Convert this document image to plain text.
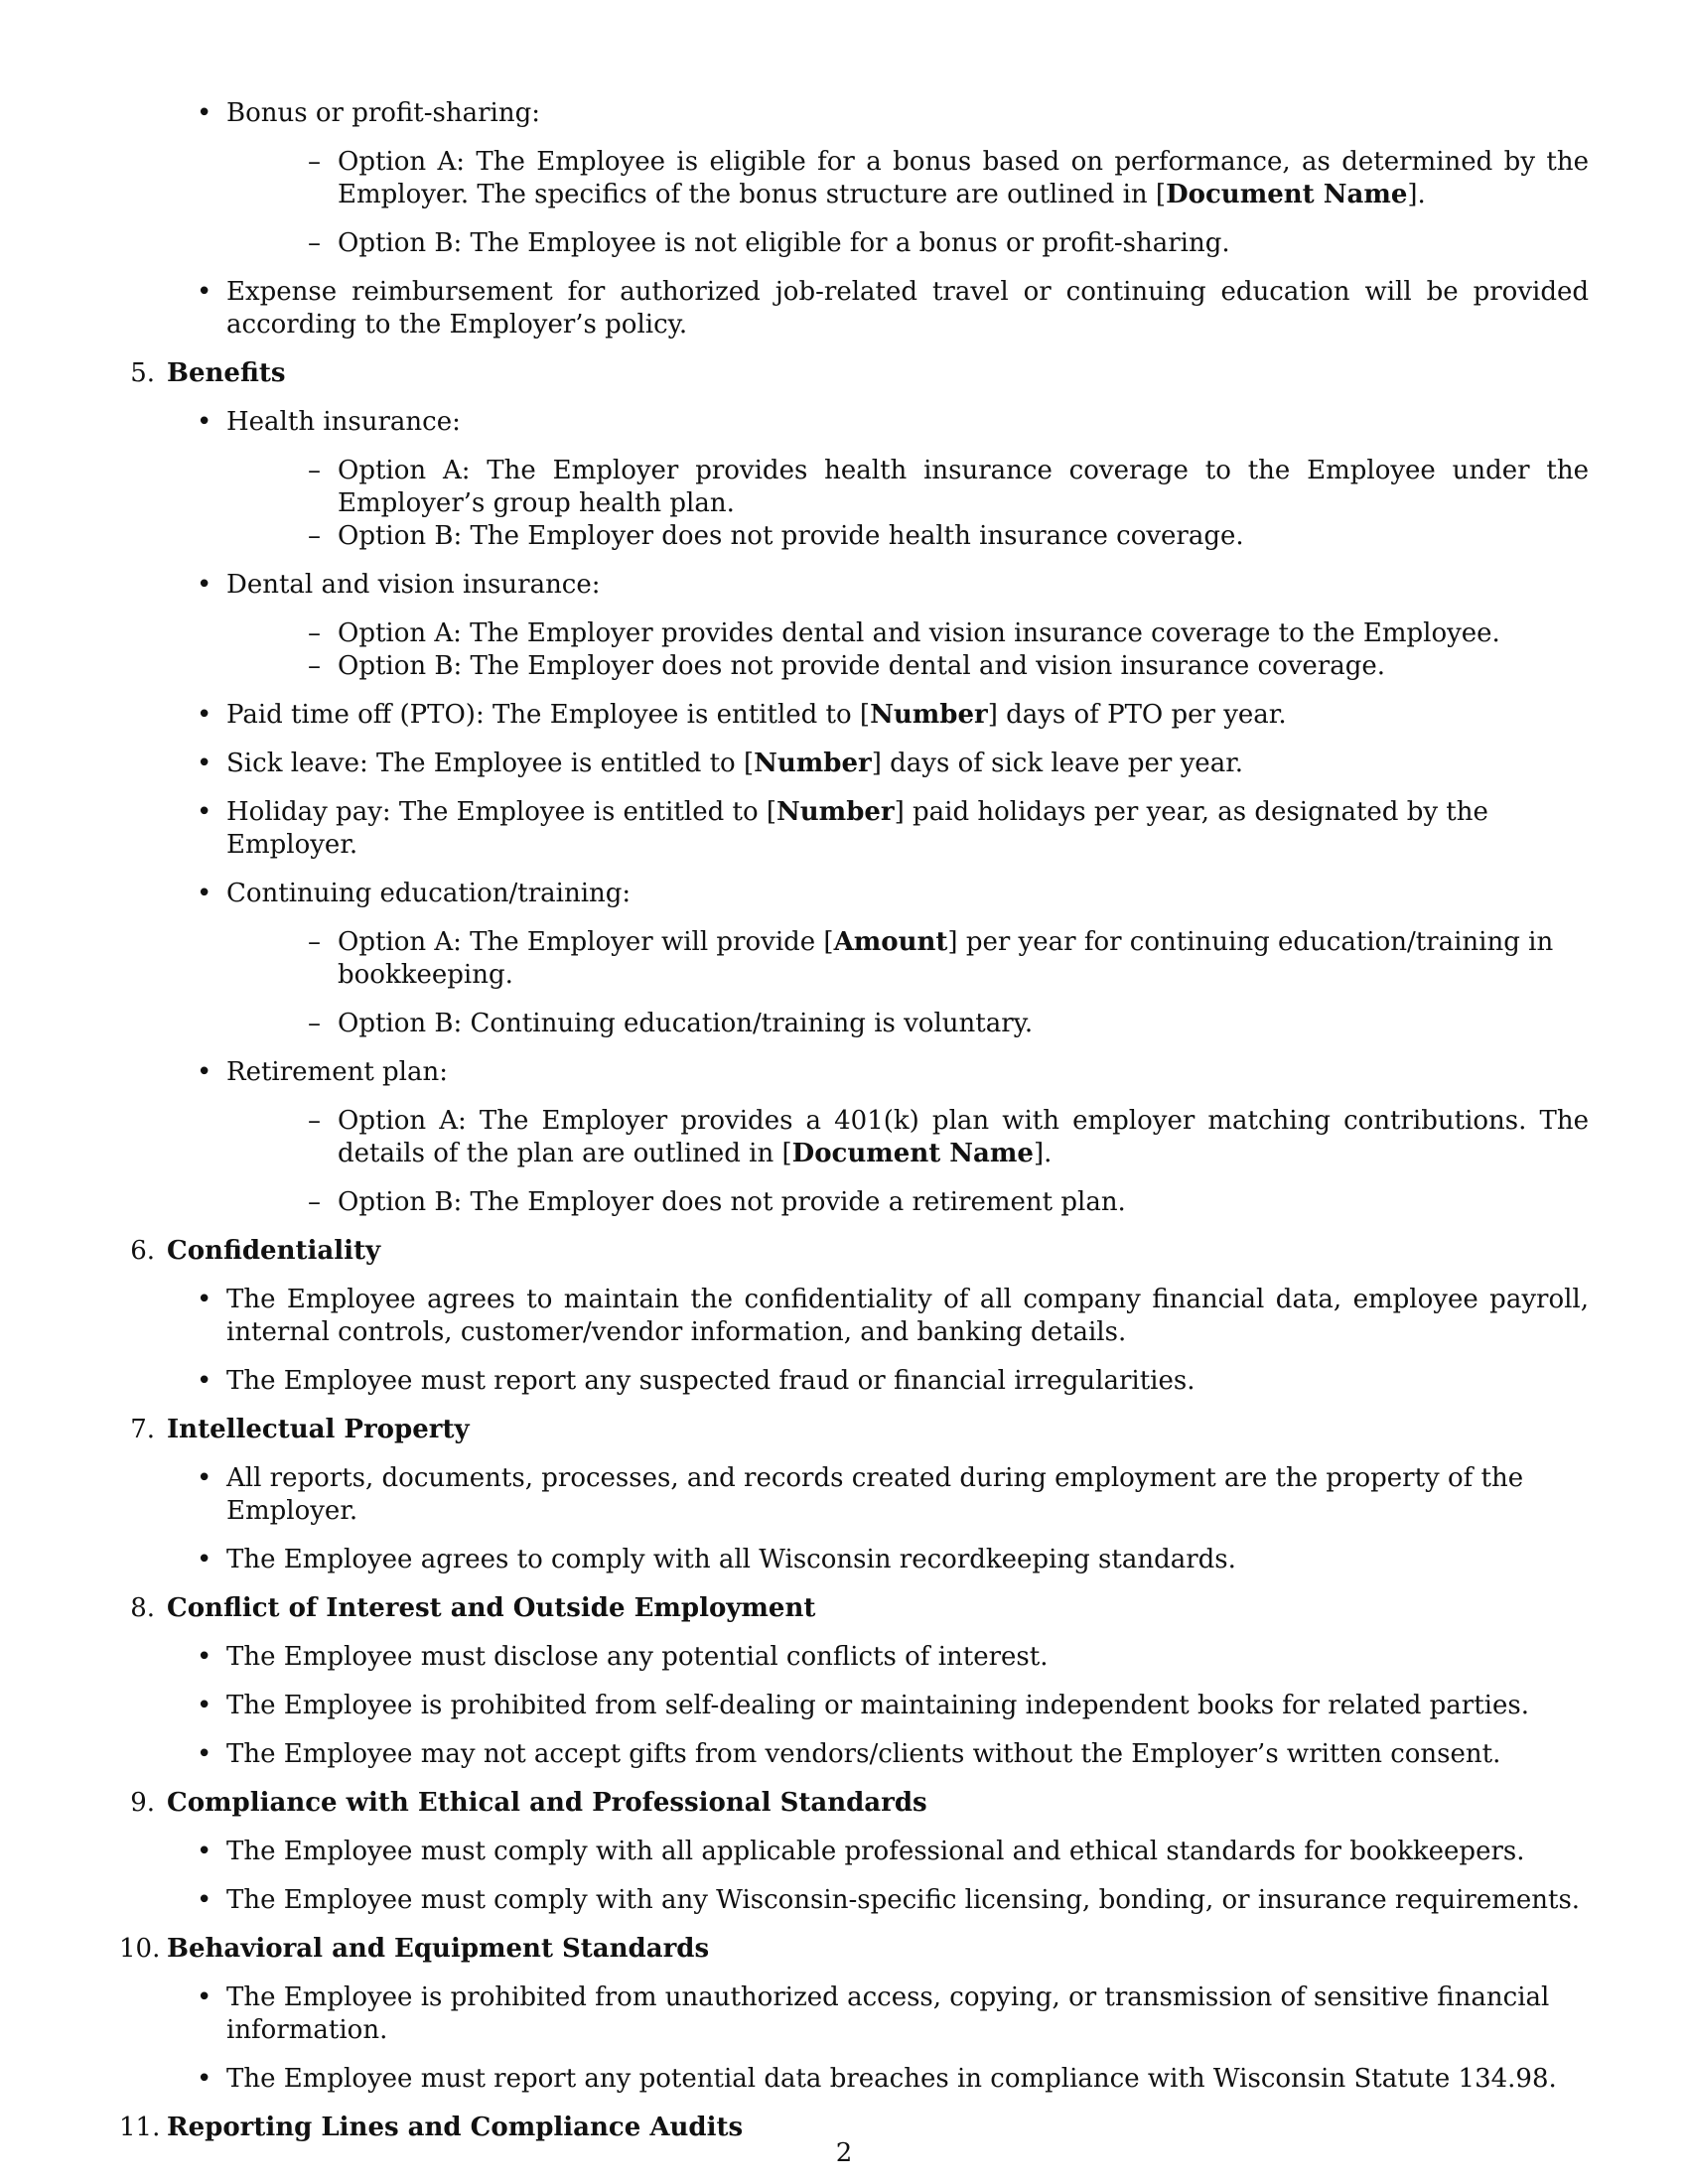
• Bonus or profit-sharing:
– Option A: The Employee is eligible for a bonus based on performance, as determined by the Employer. The specifics of the bonus structure are outlined in [Document Name].
– Option B: The Employee is not eligible for a bonus or profit-sharing.
• Expense reimbursement for authorized job-related travel or continuing education will be provided according to the Employer’s policy.
5. Benefits
• Health insurance:
– Option A: The Employer provides health insurance coverage to the Employee under the Employer’s group health plan.
– Option B: The Employer does not provide health insurance coverage.
• Dental and vision insurance:
– Option A: The Employer provides dental and vision insurance coverage to the Employee.
– Option B: The Employer does not provide dental and vision insurance coverage.
• Paid time off (PTO): The Employee is entitled to [Number] days of PTO per year.
• Sick leave: The Employee is entitled to [Number] days of sick leave per year.
• Holiday pay: The Employee is entitled to [Number] paid holidays per year, as designated by the Employer.
• Continuing education/training:
– Option A: The Employer will provide [Amount] per year for continuing education/training in bookkeeping.
– Option B: Continuing education/training is voluntary.
• Retirement plan:
– Option A: The Employer provides a 401(k) plan with employer matching contributions. The details of the plan are outlined in [Document Name].
– Option B: The Employer does not provide a retirement plan.
6. Confidentiality
• The Employee agrees to maintain the confidentiality of all company financial data, employee payroll, internal controls, customer/vendor information, and banking details.
• The Employee must report any suspected fraud or financial irregularities.
7. Intellectual Property
• All reports, documents, processes, and records created during employment are the property of the Employer.
• The Employee agrees to comply with all Wisconsin recordkeeping standards.
8. Conflict of Interest and Outside Employment
• The Employee must disclose any potential conflicts of interest.
• The Employee is prohibited from self-dealing or maintaining independent books for related parties.
• The Employee may not accept gifts from vendors/clients without the Employer’s written consent.
9. Compliance with Ethical and Professional Standards
• The Employee must comply with all applicable professional and ethical standards for bookkeepers.
• The Employee must comply with any Wisconsin-specific licensing, bonding, or insurance requirements.
10. Behavioral and Equipment Standards
• The Employee is prohibited from unauthorized access, copying, or transmission of sensitive financial information.
• The Employee must report any potential data breaches in compliance with Wisconsin Statute 134.98.
11. Reporting Lines and Compliance Audits
2
